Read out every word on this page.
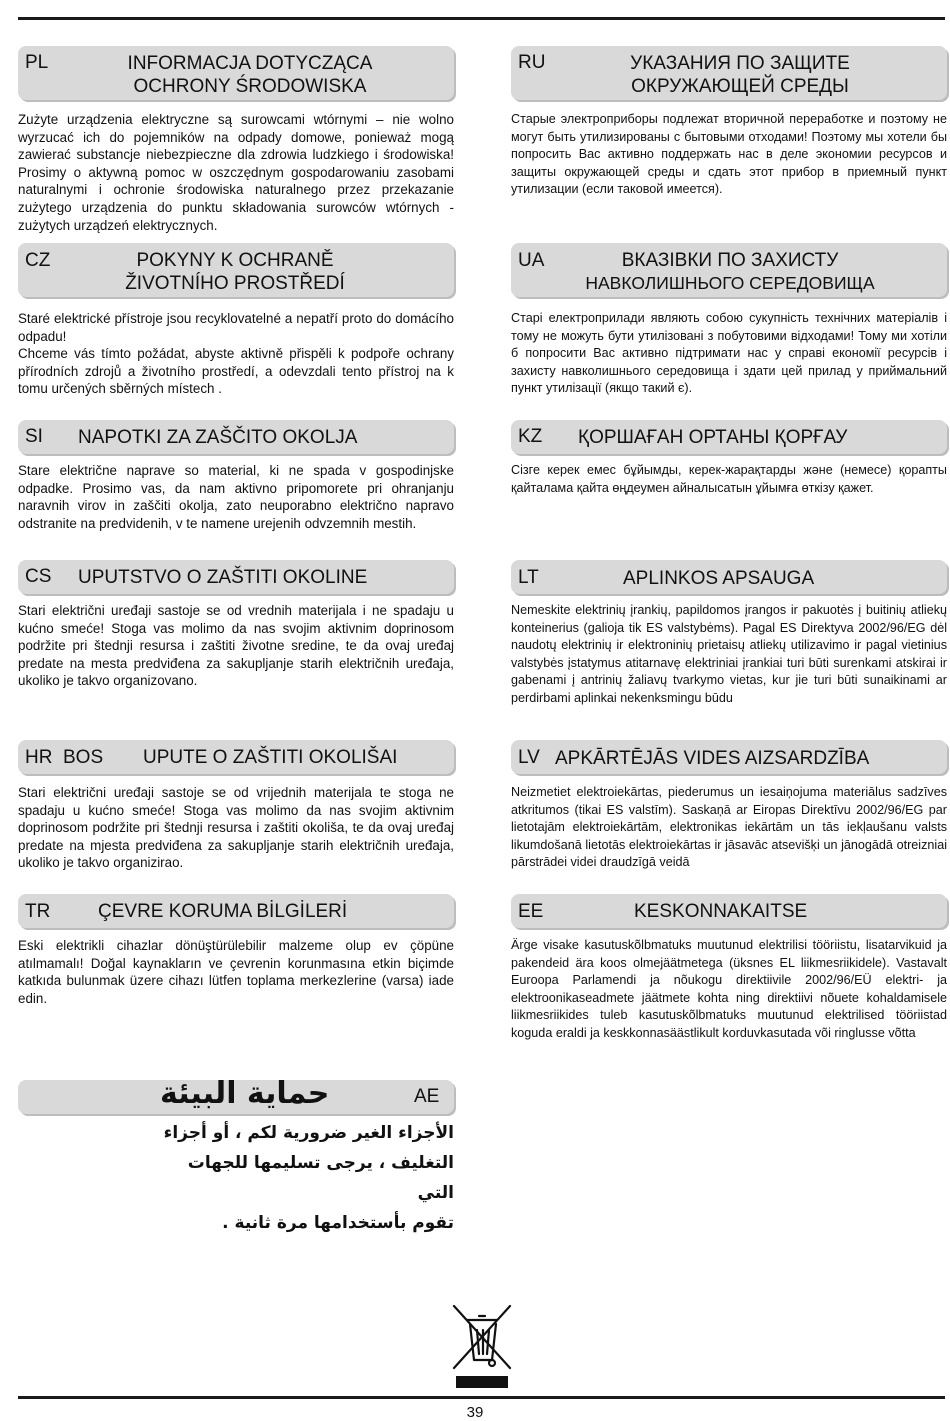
PL	INFORMACJA DOTYCZĄCA
OCHRONY ŚRODOWISKA
Zużyte urządzenia elektryczne są surowcami wtórnymi – nie wolno wyrzucać ich do pojemników na odpady domowe, ponieważ mogą zawierać substancje niebezpieczne dla zdrowia ludzkiego i środowiska! Prosimy o aktywną pomoc w oszczędnym gospodarowaniu zasobami naturalnymi i ochronie środowiska naturalnego przez przekazanie zużytego urządzenia do punktu składowania surowców wtórnych - zużytych urządzeń elektrycznych.
CZ	POKYNY K OCHRANĚ
ŽIVOTNÍHO PROSTŘEDÍ

Staré elektrické přístroje jsou recyklovatelné a nepatří proto do domácího odpadu!

Chceme vás tímto požádat, abyste aktivně přispěli k podpoře ochrany přírodních zdrojů a životního prostředí, a odevzdali tento přístroj na k tomu určených sběrných místech .

SI NAPOTKI ZA ZAŠČITO OKOLJA
Stare električne naprave so material, ki ne spada v gospodinjske odpadke. Prosimo vas, da nam aktivno pripomorete pri ohranjanju naravnih virov in zaščiti okolja, zato neuporabno električno napravo odstranite na predvidenih, v te namene urejenih odvzemnih mestih.
CS UPUTSTVO O ZAŠTITI OKOLINE
Stari električni uređaji sastoje se od vrednih materijala i ne spadaju u kućno smeće! Stoga vas molimo da nas svojim aktivnim doprinosom podržite pri štednji resursa i zaštiti životne sredine, te da ovaj uređaj predate na mesta predviđena za sakupljanje starih električnih uređaja, ukoliko je takvo organizovano.
HR  BOS UPUTE O ZAŠTITI OKOLIŠAI
Stari električni uređaji sastoje se od vrijednih materijala te stoga ne spadaju u kućno smeće! Stoga vas molimo da nas svojim aktivnim doprinosom podržite pri štednji resursa i zaštiti okoliša, te da ovaj uređaj predate na mjesta predviđena za sakupljanje starih električnih uređaja, ukoliko je takvo organizirao.
TR	ÇEVRE KORUMA BİLGİLERİ
Eski elektrikli cihazlar dönüştürülebilir malzeme olup ev çöpüne atılmamalı! Doğal kaynakların ve çevrenin korunmasına etkin biçimde katkıda bulunmak üzere cihazı lütfen toplama merkezlerine (varsa) iade edin.
AE
حماية البيئة
الأجزاء الغير ضرورية لكم ، أو أجزاء
التغليف ، يرجى تسليمها للجهات التي
تقوم بأستخدامها مرة ثانية .
RU	УКАЗАНИЯ ПО ЗАЩИТЕ
ОКРУЖАЮЩЕЙ СРЕДЫ
Старые электроприборы подлежат вторичной переработке и поэтому не могут быть утилизированы с бытовыми отходами! Поэтому мы хотели бы попросить Вас активно поддержать нас в деле экономии ресурсов и защиты окружающей среды и сдать этот прибор в приемный пункт утилизации (если таковой имеется).
UA	ВКАЗІВКИ ПО ЗАХИСТУ
НАВКОЛИШНЬОГО СЕРЕДОВИЩА
Старі електроприлади являють собою сукупність технічних матеріалів і тому не можуть бути утилізовані з побутовими відходами! Тому ми хотіли б попросити Вас активно підтримати нас у справі економії ресурсів і захисту навколишнього середовища і здати цей прилад у приймальний пункт утилізації (якщо такий є).
KZ ҚОРШАҒАН ОРТАНЫ ҚОРҒАУ
Сізге керек емес бұйымды, керек-жарақтарды және (немесе) қорапты қайталама қайта өңдеумен айналысатын ұйымға өткізу қажет.
LT	APLINKOS APSAUGA
Nemeskite elektrinių įrankių, papildomos įrangos ir pakuotės į buitinių atliekų konteinerius (galioja tik ES valstybėms). Pagal ES Direktyva 2002/96/EG dėl naudotų elektrinių ir elektroninių prietaisų atliekų utilizavimo ir pagal vietinius valstybės įstatymus atitarnavę elektriniai įrankiai turi būti surenkami atskirai ir gabenami į antrinių žaliavų tvarkymo vietas, kur jie turi būti sunaikinami ar perdirbami aplinkai nekenksmingu būdu
LV APKĀRTĒJĀS VIDES AIZSARDZĪBA
Neizmetiet elektroiekārtas, piederumus un iesaiņojuma materiālus sadzīves atkritumos (tikai ES valstīm). Saskaņā ar Eiropas Direktīvu 2002/96/EG par lietotajām elektroiekārtām, elektronikas iekārtām un tās iekļaušanu valsts likumdošanā lietotās elektroiekārtas ir jāsavāc atsevišķi un jānogādā otreizniai pārstrādei videi draudzīgā veidā
EE	KESKONNAKAITSE
Ärge visake kasutuskõlbmatuks muutunud elektrilisi tööriistu, lisatarvikuid ja pakendeid ära koos olmejäätmetega (üksnes EL liikmesriikidele). Vastavalt Euroopa Parlamendi ja nõukogu direktiivile 2002/96/EÜ elektri- ja elektroonikaseadmete jäätmete kohta ning direktiivi nõuete kohaldamisele liikmesriikides tuleb kasutuskõlbmatuks muutunud elektrilised tööriistad koguda eraldi ja keskkonnasäästlikult korduvkasutada või ringlusse võtta
39
